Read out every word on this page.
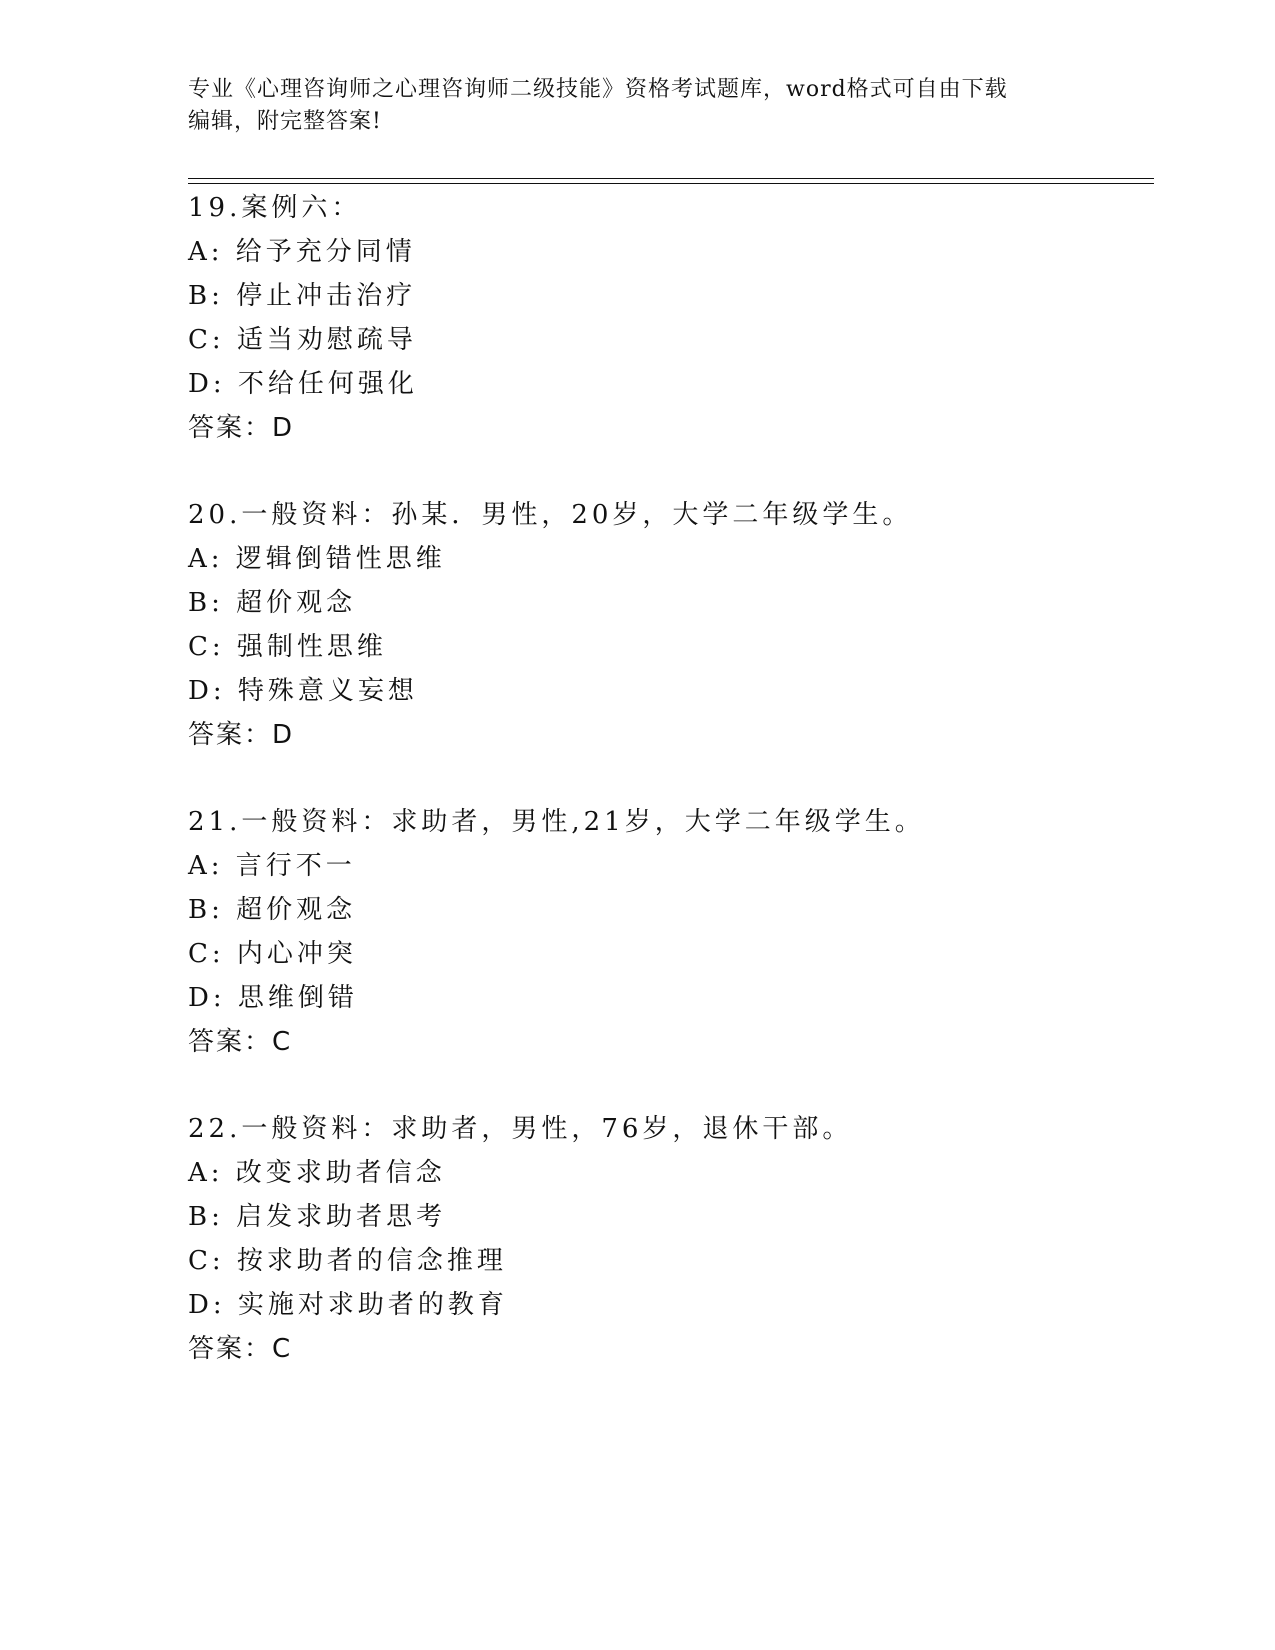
专业《心理咨询师之心理咨询师二级技能》资格考试题库，word格式可自由下载
编辑，附完整答案!
19.案例六：
A: 给予充分同情
B: 停止冲击治疗
C: 适当劝慰疏导
D: 不给任何强化
答案：D
20.一般资料：孙某．男性，20岁，大学二年级学生。
A: 逻辑倒错性思维
B: 超价观念
C: 强制性思维
D: 特殊意义妄想
答案：D
21.一般资料：求助者，男性,21岁，大学二年级学生。
A: 言行不一
B: 超价观念
C: 内心冲突
D: 思维倒错
答案：C
22.一般资料：求助者，男性，76岁，退休干部。
A: 改变求助者信念
B: 启发求助者思考
C: 按求助者的信念推理
D: 实施对求助者的教育
答案：C
